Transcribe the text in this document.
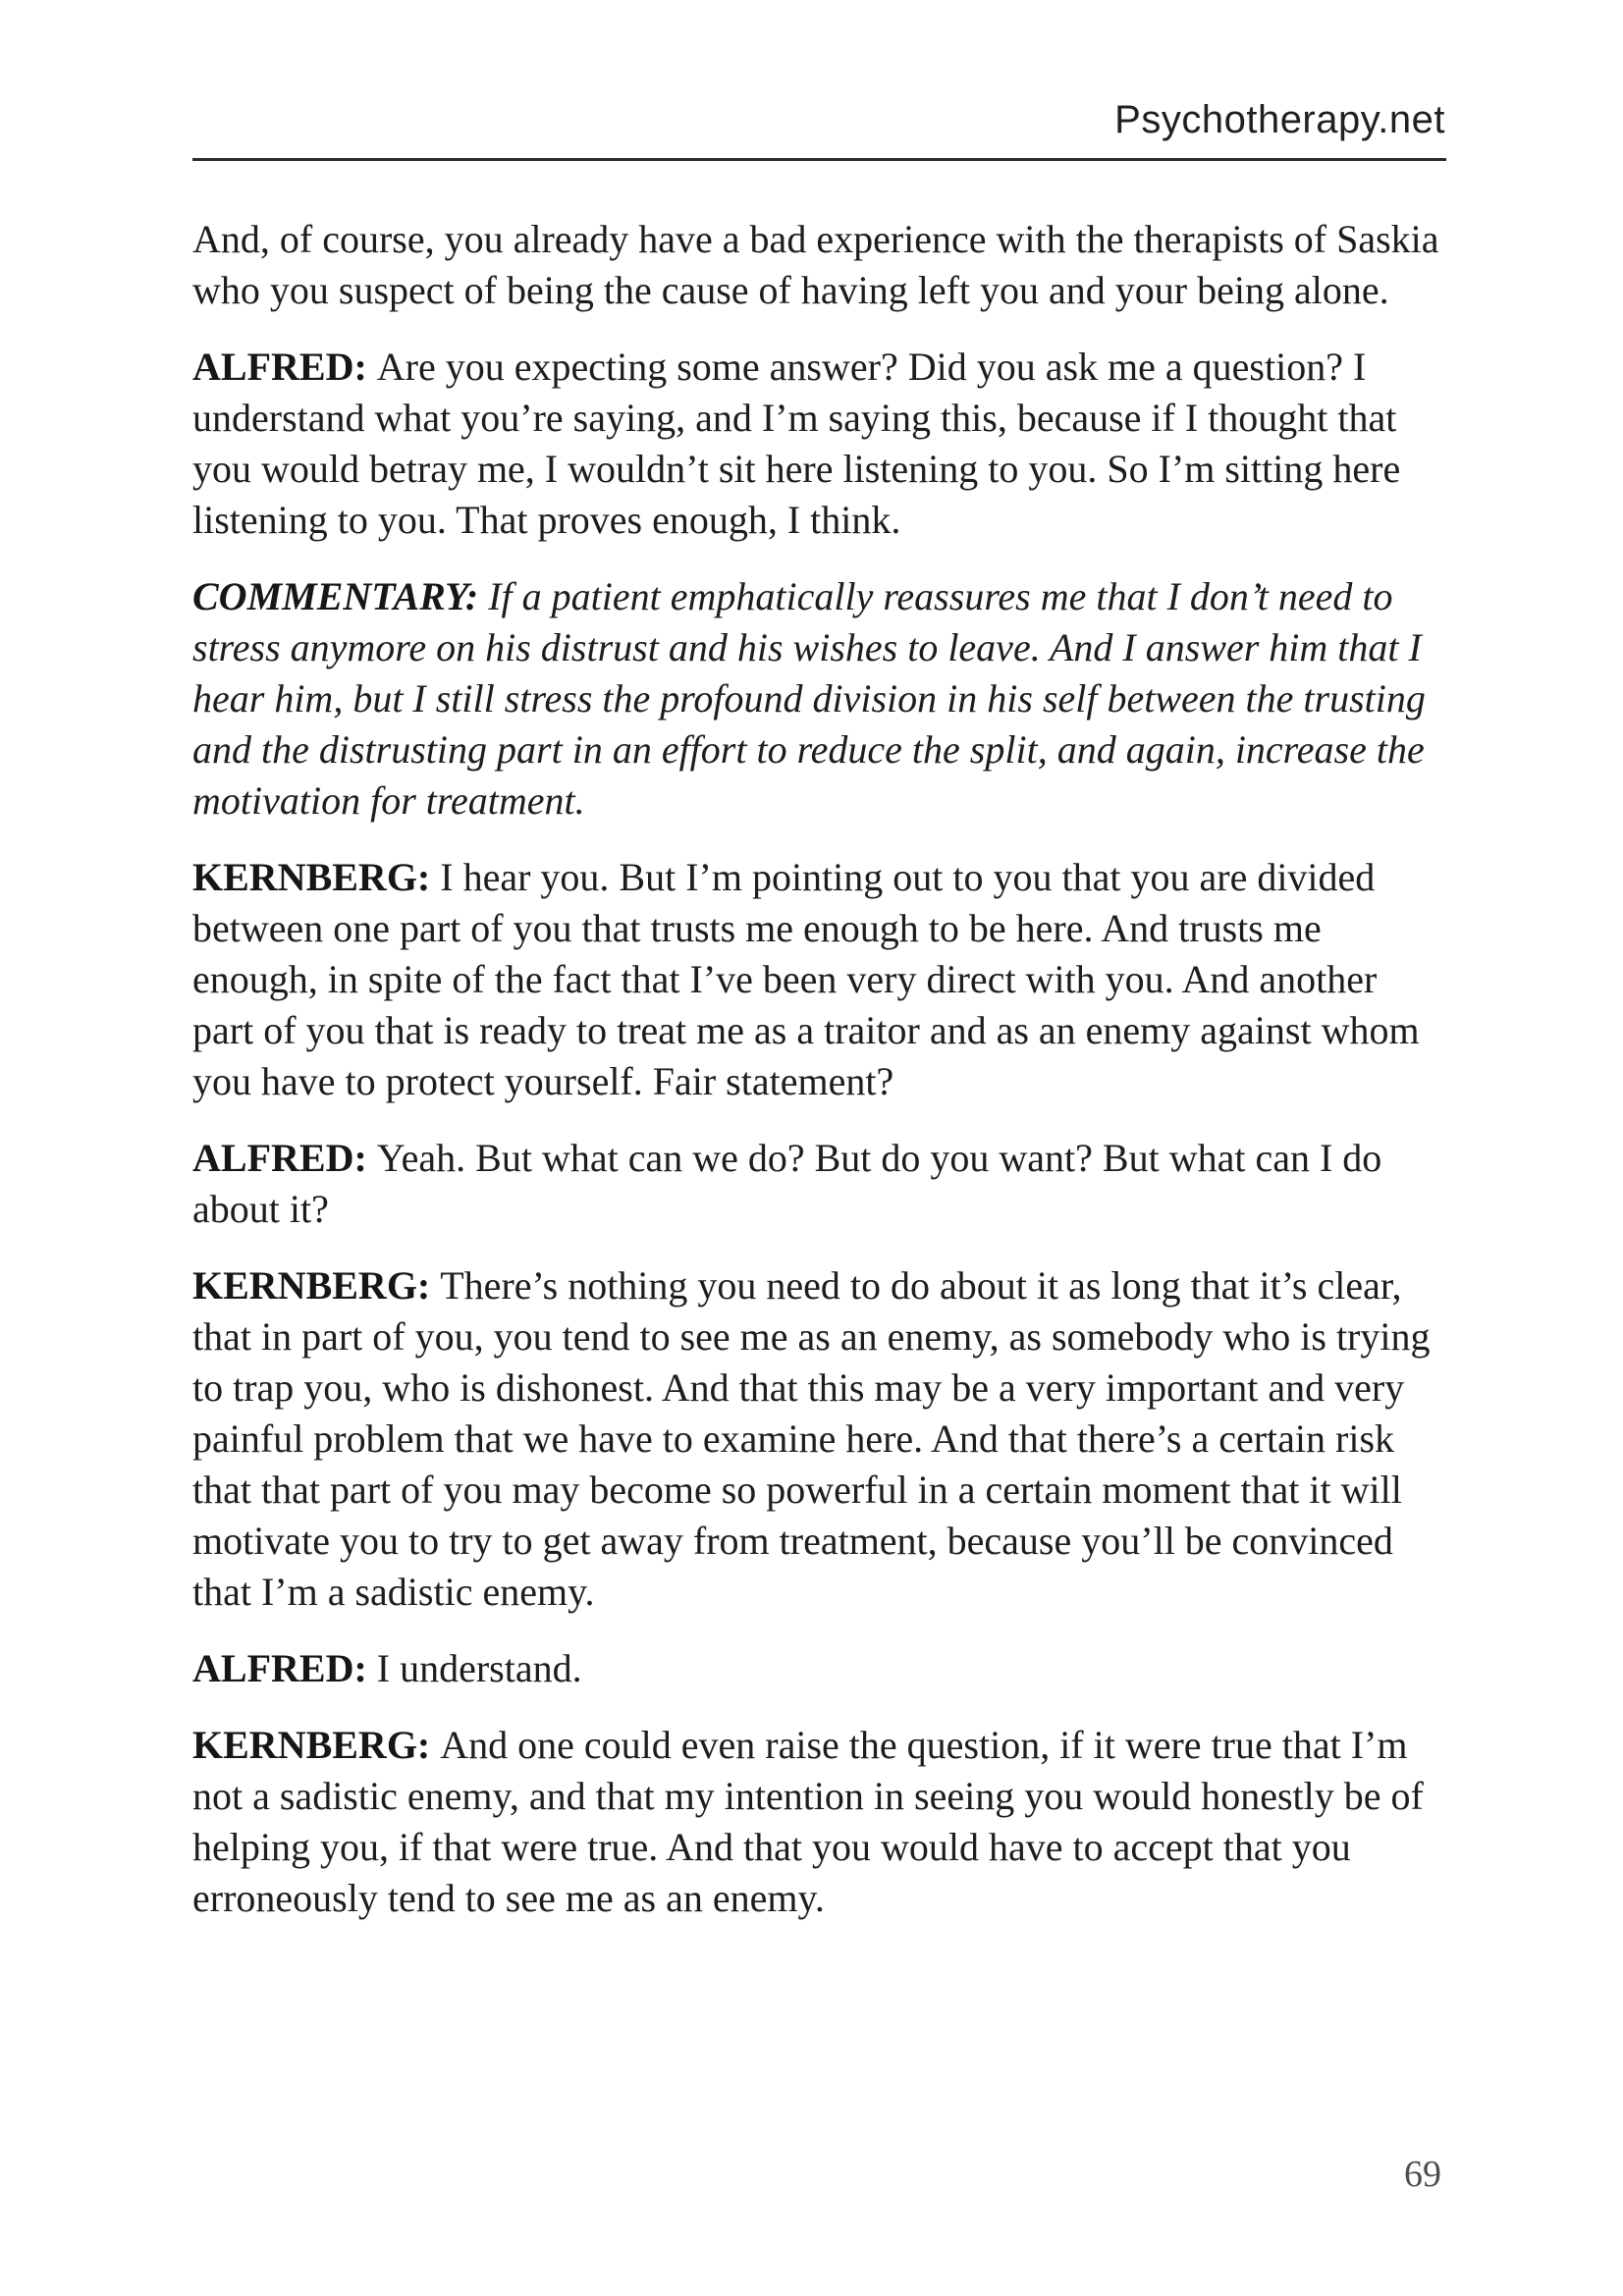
Psychotherapy.net

And, of course, you already have a bad experience with the therapists of Saskia who you suspect of being the cause of having left you and your being alone.

ALFRED: Are you expecting some answer? Did you ask me a question? I understand what you’re saying, and I’m saying this, because if I thought that you would betray me, I wouldn’t sit here listening to you. So I’m sitting here listening to you. That proves enough, I think.

COMMENTARY: If a patient emphatically reassures me that I don’t need to stress anymore on his distrust and his wishes to leave. And I answer him that I hear him, but I still stress the profound division in his self between the trusting and the distrusting part in an effort to reduce the split, and again, increase the motivation for treatment.

KERNBERG: I hear you. But I’m pointing out to you that you are divided between one part of you that trusts me enough to be here. And trusts me enough, in spite of the fact that I’ve been very direct with you. And another part of you that is ready to treat me as a traitor and as an enemy against whom you have to protect yourself. Fair statement?

ALFRED: Yeah. But what can we do? But do you want? But what can I do about it?

KERNBERG: There’s nothing you need to do about it as long that it’s clear, that in part of you, you tend to see me as an enemy, as somebody who is trying to trap you, who is dishonest. And that this may be a very important and very painful problem that we have to examine here. And that there’s a certain risk that that part of you may become so powerful in a certain moment that it will motivate you to try to get away from treatment, because you’ll be convinced that I’m a sadistic enemy.

ALFRED: I understand.

KERNBERG: And one could even raise the question, if it were true that I’m not a sadistic enemy, and that my intention in seeing you would honestly be of helping you, if that were true. And that you would have to accept that you erroneously tend to see me as an enemy.

69
